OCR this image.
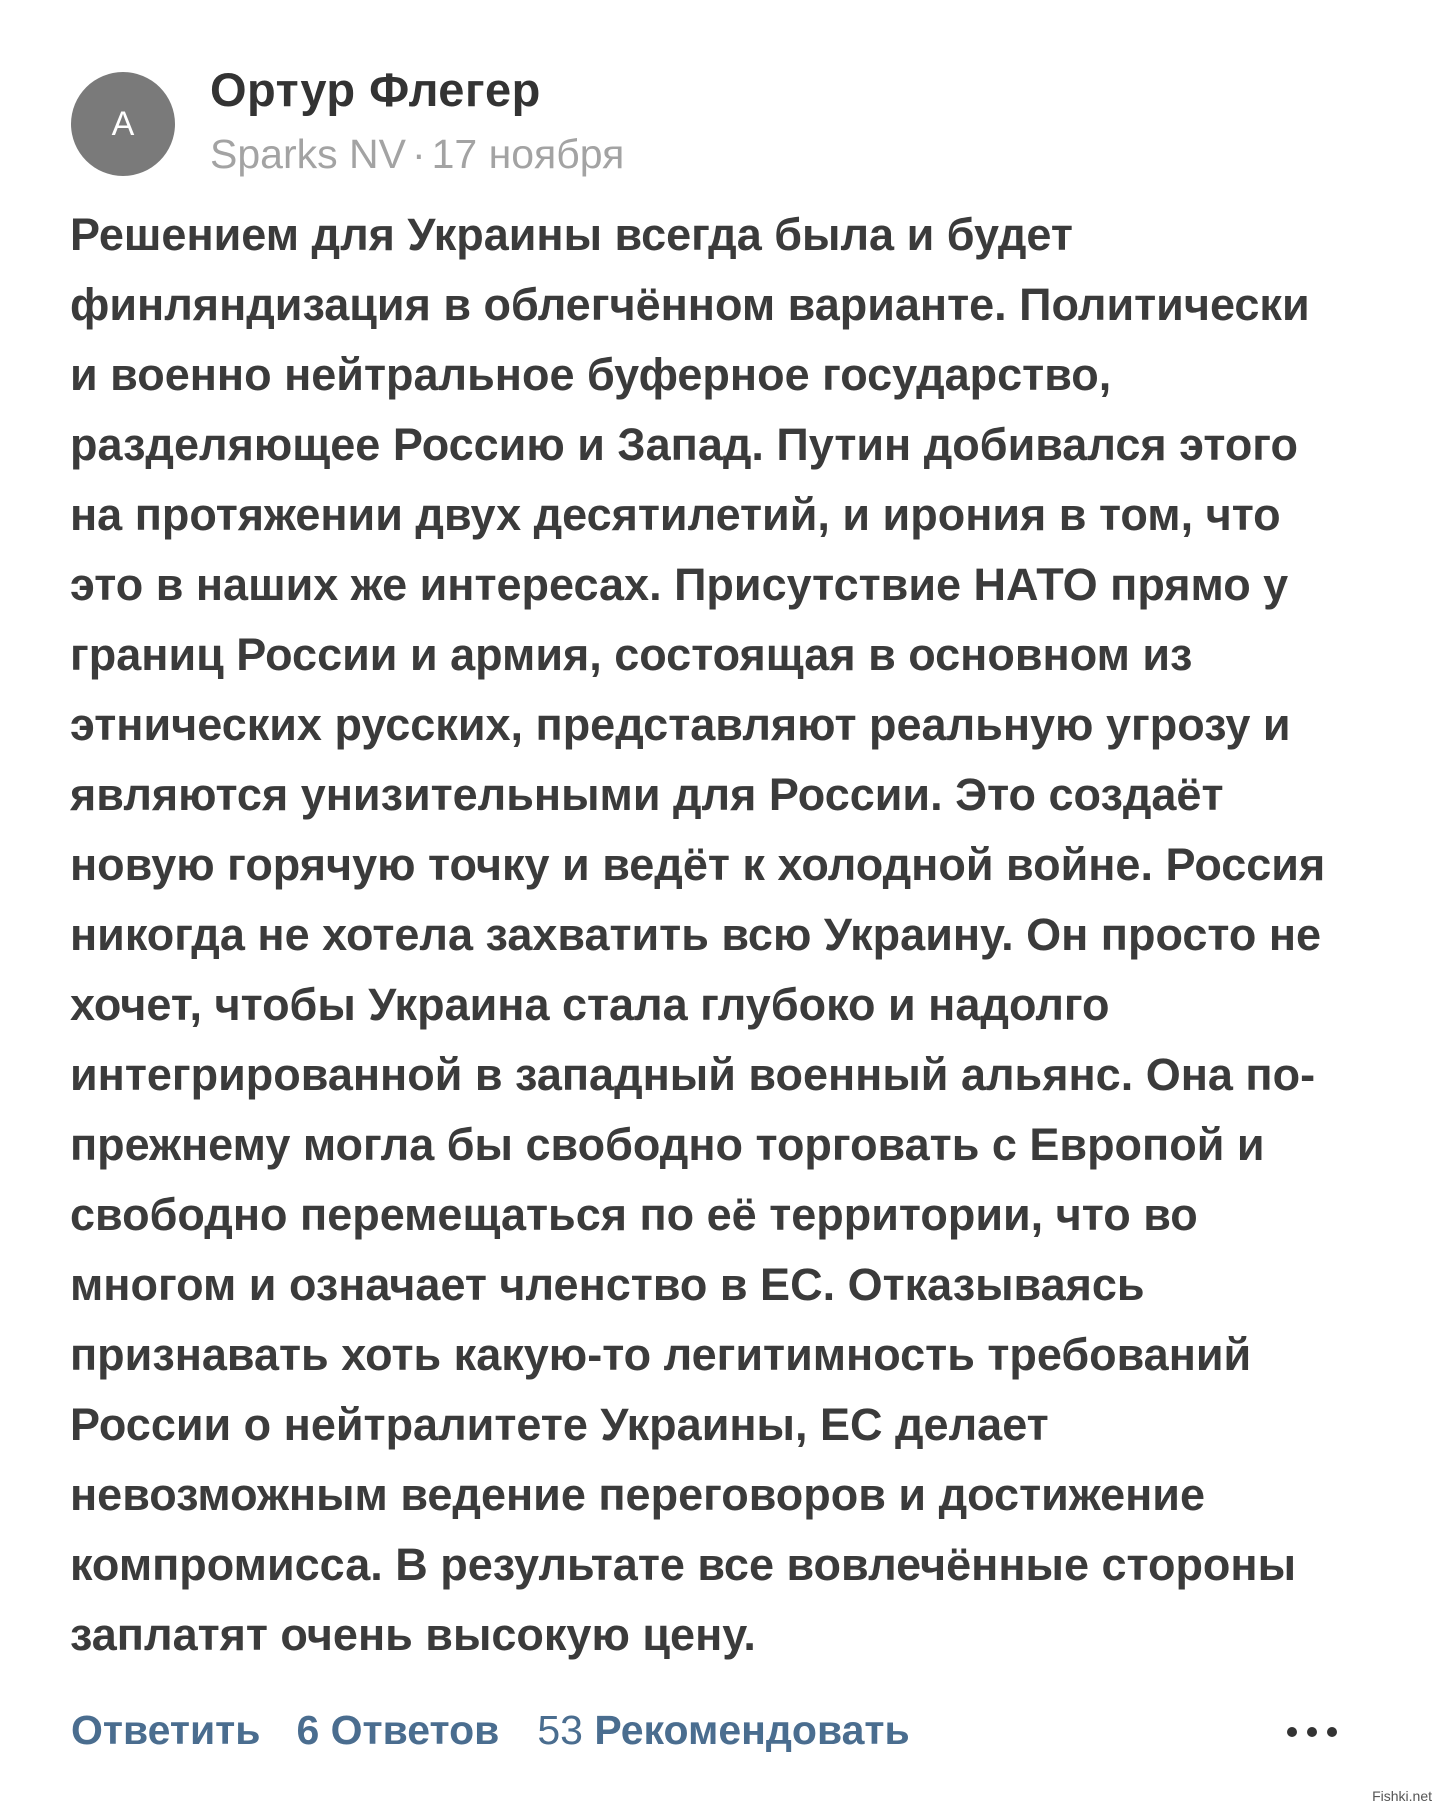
A
Ортур Флегер
Sparks NV · 17 ноября
Решением для Украины всегда была и будет
финляндизация в облегчённом варианте. Политически
и военно нейтральное буферное государство,
разделяющее Россию и Запад. Путин добивался этого
на протяжении двух десятилетий, и ирония в том, что
это в наших же интересах. Присутствие НАТО прямо у
границ России и армия, состоящая в основном из
этнических русских, представляют реальную угрозу и
являются унизительными для России. Это создаёт
новую горячую точку и ведёт к холодной войне. Россия
никогда не хотела захватить всю Украину. Он просто не
хочет, чтобы Украина стала глубоко и надолго
интегрированной в западный военный альянс. Она по-
прежнему могла бы свободно торговать с Европой и
свободно перемещаться по её территории, что во
многом и означает членство в ЕС. Отказываясь
признавать хоть какую-то легитимность требований
России о нейтралитете Украины, ЕС делает
невозможным ведение переговоров и достижение
компромисса. В результате все вовлечённые стороны
заплатят очень высокую цену.
Ответить 6 Ответов 53 Рекомендовать
Fishki.net
